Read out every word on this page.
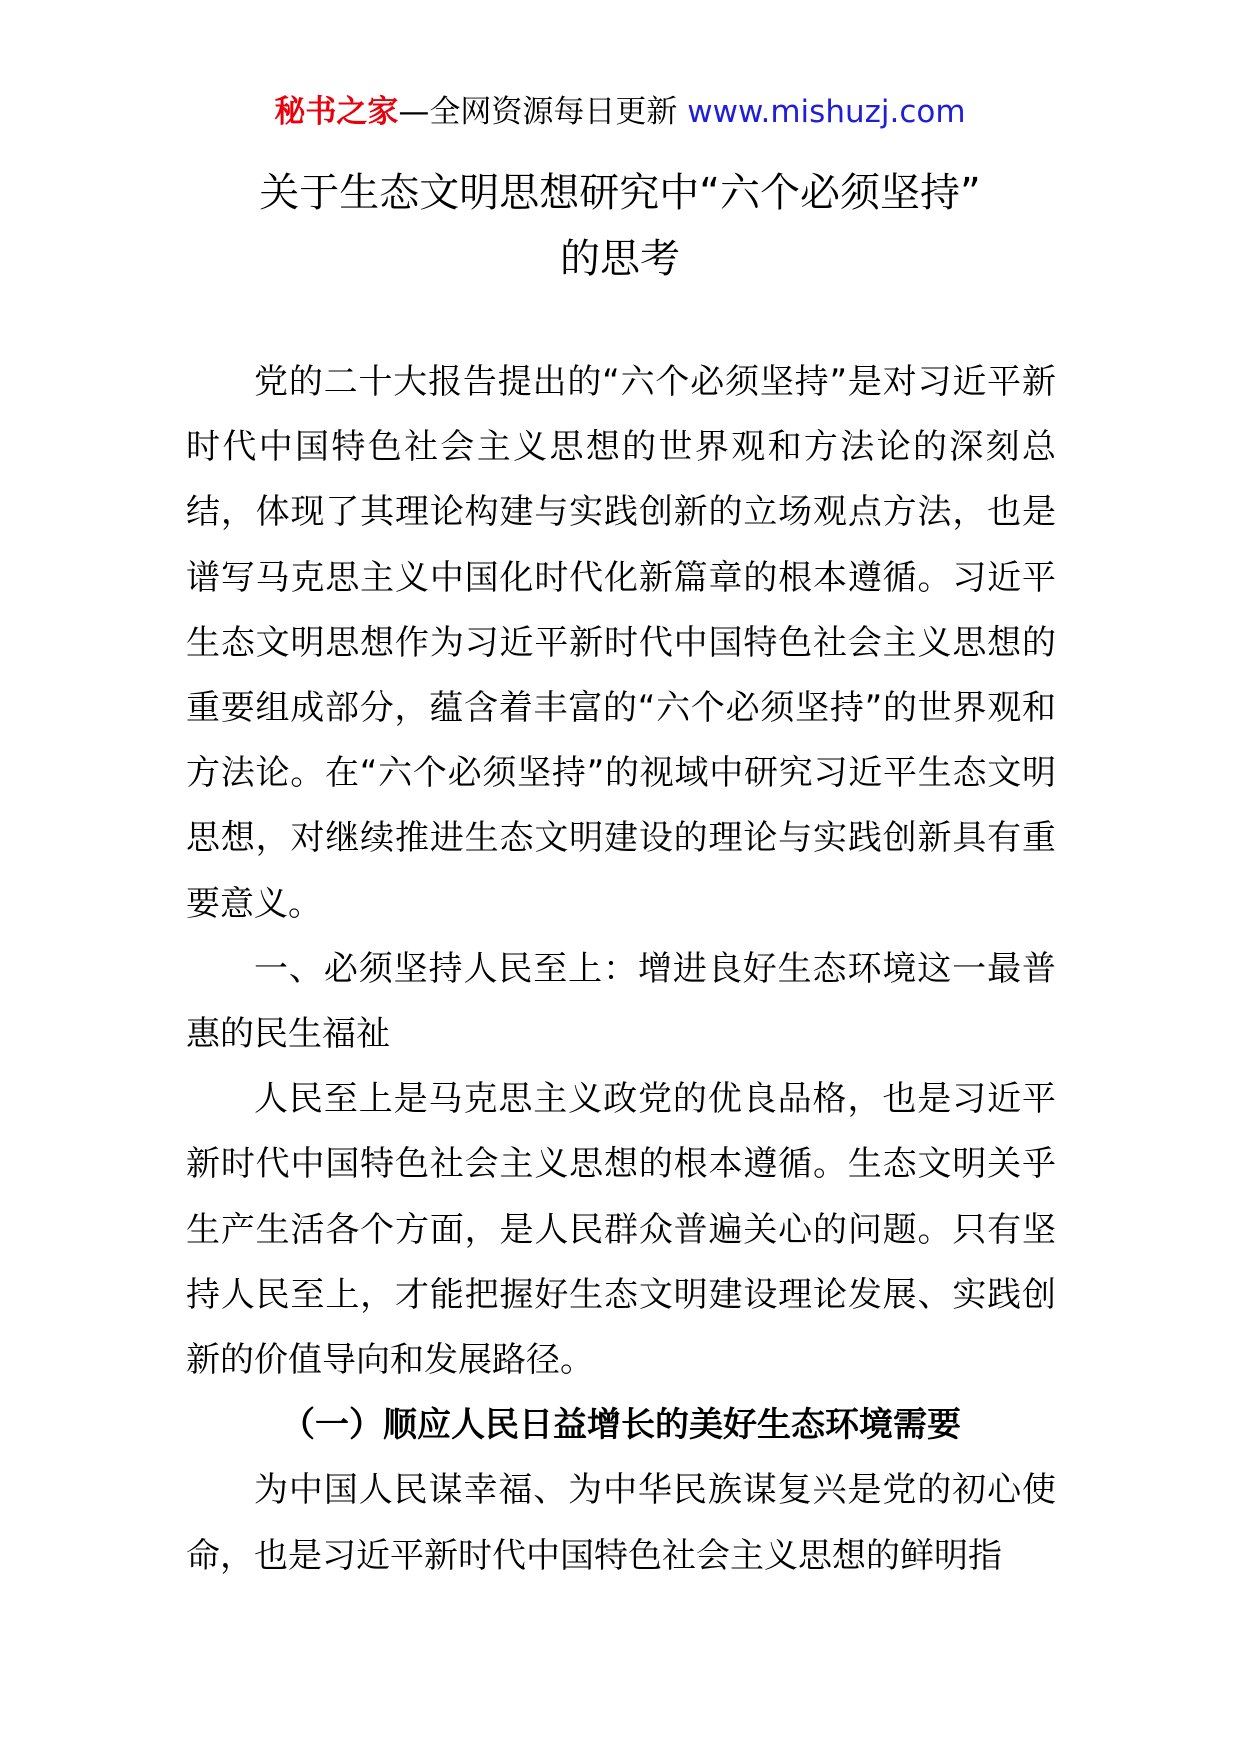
秘书之家—全网资源每日更新 www.mishuzj.com
关于生态文明思想研究中“六个必须坚持”
的思考

党的二十大报告提出的“六个必须坚持”是对习近平新时代中国特色社会主义思想的世界观和方法论的深刻总结，体现了其理论构建与实践创新的立场观点方法，也是谱写马克思主义中国化时代化新篇章的根本遵循。习近平生态文明思想作为习近平新时代中国特色社会主义思想的重要组成部分，蕴含着丰富的“六个必须坚持”的世界观和方法论。在“六个必须坚持”的视域中研究习近平生态文明思想，对继续推进生态文明建设的理论与实践创新具有重要意义。

一、必须坚持人民至上：增进良好生态环境这一最普惠的民生福祉

人民至上是马克思主义政党的优良品格，也是习近平新时代中国特色社会主义思想的根本遵循。生态文明关乎生产生活各个方面，是人民群众普遍关心的问题。只有坚持人民至上，才能把握好生态文明建设理论发展、实践创新的价值导向和发展路径。

（一）顺应人民日益增长的美好生态环境需要

为中国人民谋幸福、为中华民族谋复兴是党的初心使命，也是习近平新时代中国特色社会主义思想的鲜明指
